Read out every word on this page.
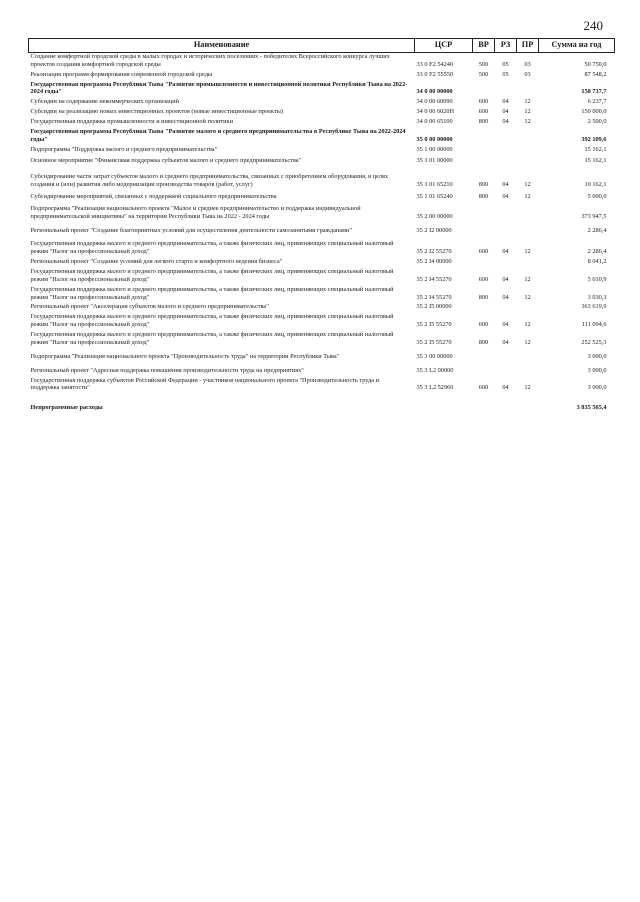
240
Наименование	ЦСР	ВР	РЗ	ПР	Сумма на год
Создание комфортной городской среды в малых городах и исторических поселениях - победителях Всероссийского конкурса лучших проектов создания комфортной городской среды	33 0 F2 54240	500	05	03	50 750,0
Реализация программ формирования современной городской среды	33 0 F2 55550	500	05	03	87 548,2
Государственная программа Республики Тыва "Развитие промышленности и инвестиционной политики Республики Тыва на 2022-2024 годы"	34 0 00 00000				158 737,7
Субсидии на содержание некоммерческих организаций	34 0 00 60090	600	04	12	6 237,7
Субсидии на реализацию новых инвестиционных проектов (новые инвестиционные проекты)	34 0 00 6020Н	600	04	12	150 000,0
Государственная поддержка промышленности и инвестиционной политики	34 0 00 65100	800	04	12	2 500,0
Государственная программа Республики Тыва "Развитие малого и среднего предпринимательства в Республике Тыва на 2022-2024 годы"	35 0 00 00000				392 109,6
Подпрограмма "Поддержка малого и среднего предпринимательства"	35 1 00 00000				15 162,1
Основное мероприятие "Финансовая поддержка субъектов малого и среднего предпринимательства"	35 1 01 00000				15 162,1
Субсидирование части затрат субъектов малого и среднего предпринимательства, связанных с приобретением оборудования, в целях создания и (или) развития либо модернизации производства товаров (работ, услуг)	35 1 01 65210	800	04	12	10 162,1
Субсидирование мероприятий, связанных с поддержкой социального предпринимательства	35 1 01 65240	800	04	12	5 000,0
Подпрограмма "Реализация национального проекта "Малое и среднее предпринимательство и поддержка индивидуальной предпринимательской инициативы" на территории Республики Тыва на 2022 - 2024 годы	35 2 00 00000				373 947,5
Региональный проект "Создание благоприятных условий для осуществления деятельности самозанятыми гражданами"	35 2 I2 00000				2 286,4
Государственная поддержка малого и среднего предпринимательства, а также физических лиц, применяющих специальный налоговый режим "Налог на профессиональный доход"	35 2 I2 55270	600	04	12	2 286,4
Региональный проект "Создание условий для легкого старта и комфортного ведения бизнеса"	35 2 I4 00000				8 041,2
Государственная поддержка малого и среднего предпринимательства, а также физических лиц, применяющих специальный налоговый режим "Налог на профессиональный доход"	35 2 I4 55270	600	04	12	5 010,9
Государственная поддержка малого и среднего предпринимательства, а также физических лиц, применяющих специальный налоговый режим "Налог на профессиональный доход"	35 2 I4 55270	800	04	12	3 030,3
Региональный проект "Акселерация субъектов малого и среднего предпринимательства"	35 2 I5 00000				363 619,9
Государственная поддержка малого и среднего предпринимательства, а также физических лиц, применяющих специальный налоговый режим "Налог на профессиональный доход"	35 2 I5 55270	600	04	12	111 094,6
Государственная поддержка малого и среднего предпринимательства, а также физических лиц, применяющих специальный налоговый режим "Налог на профессиональный доход"	35 2 I5 55270	800	04	12	252 525,3
Подпрограмма "Реализация национального проекта "Производительность труда" на территории Республики Тыва"	35 3 00 00000				3 000,0
Региональный проект "Адресная поддержка повышения производительности труда на предприятиях"	35 3 L2 00000				3 000,0
Государственная поддержка субъектов Российской Федерации - участников национального проекта "Производительность труда и поддержка занятости"	35 3 L2 52960	600	04	12	3 000,0

Непрограммные расходы					3 835 565,4
